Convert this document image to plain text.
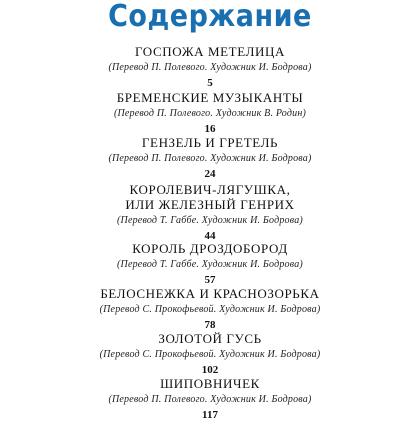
Содержание
ГОСПОЖА МЕТЕЛИЦА
(Перевод П. Полевого. Художник И. Бодрова)
5
БРЕМЕНСКИЕ МУЗЫКАНТЫ
(Перевод П. Полевого. Художник В. Родин)
16
ГЕНЗЕЛЬ И ГРЕТЕЛЬ
(Перевод П. Полевого. Художник И. Бодрова)
24
КОРОЛЕВИЧ-ЛЯГУШКА,
ИЛИ ЖЕЛЕЗНЫЙ ГЕНРИХ
(Перевод Т. Габбе. Художник И. Бодрова)
44
КОРОЛЬ ДРОЗДОБОРОД
(Перевод Т. Габбе. Художник И. Бодрова)
57
БЕЛОСНЕЖКА И КРАСНОЗОРЬКА
(Перевод С. Прокофьевой. Художник И. Бодрова)
78
ЗОЛОТОЙ ГУСЬ
(Перевод С. Прокофьевой. Художник И. Бодрова)
102
ШИПОВНИЧЕК
(Перевод П. Полевого. Художник И. Бодрова)
117
